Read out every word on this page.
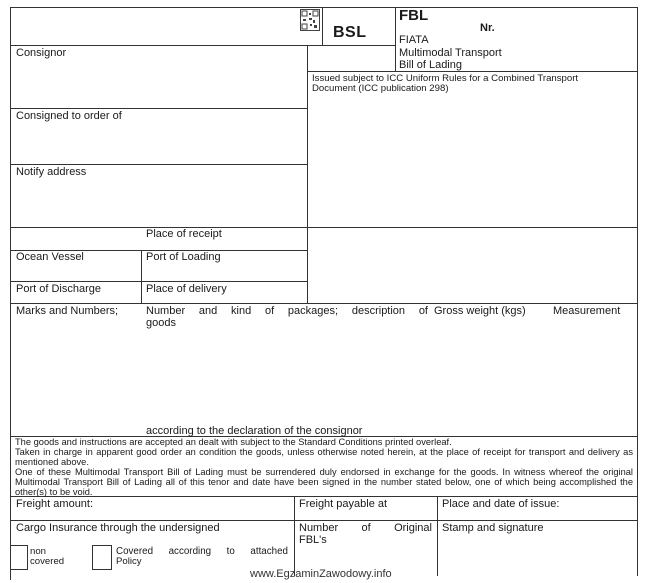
BSL
FBL
Nr.
FIATA
Multimodal Transport
Bill of Lading
Issued subject to ICC Uniform Rules for a Combined Transport
Document (ICC publication 298)
Consignor
Consigned to order of
Notify address
Place of receipt
Ocean Vessel	Port of Loading
Port of Discharge	Place of delivery
Marks and Numbers;	Number and kind of packages; description of
goods
Gross weight (kgs) Measurement
according to the declaration of the consignor
The goods and instructions are accepted an dealt with subject to the Standard Conditions printed overleaf.
Taken in charge in apparent good order an condition the goods, unless otherwise noted herein, at the place of receipt for transport and delivery as mentioned above.
One of these Multimodal Transport Bill of Lading must be surrendered duly endorsed in exchange for the goods. In witness whereof the original Multimodal Transport Bill of Lading all of this tenor and date have been signed in the number stated below, one of which being accomplished the other(s) to be void.
Freight amount:	Freight payable at	Place and date of issue:
Cargo Insurance through the undersigned	Number of Original
FBL's
Stamp and signature
non
covered
Covered according to attached
Policy
www.EgzaminZawodowy.info
